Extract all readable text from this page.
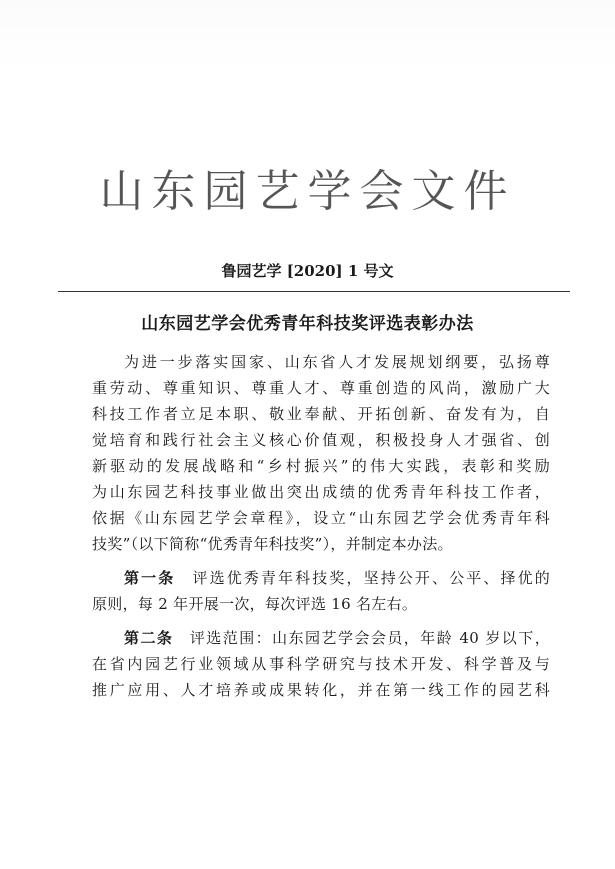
山东园艺学会文件
鲁园艺学 [2020] 1 号文
山东园艺学会优秀青年科技奖评选表彰办法
为进一步落实国家、山东省人才发展规划纲要，弘扬尊
重劳动、尊重知识、尊重人才、尊重创造的风尚，激励广大
科技工作者立足本职、敬业奉献、开拓创新、奋发有为，自
觉培育和践行社会主义核心价值观，积极投身人才强省、创
新驱动的发展战略和“乡村振兴”的伟大实践，表彰和奖励
为山东园艺科技事业做出突出成绩的优秀青年科技工作者，
依据《山东园艺学会章程》，设立“山东园艺学会优秀青年科
技奖”（以下简称“优秀青年科技奖”），并制定本办法。
第一条  评选优秀青年科技奖，坚持公开、公平、择优的
原则，每 2 年开展一次，每次评选 16 名左右。
第二条  评选范围：山东园艺学会会员，年龄 40 岁以下，
在省内园艺行业领域从事科学研究与技术开发、科学普及与
推广应用、人才培养或成果转化，并在第一线工作的园艺科
